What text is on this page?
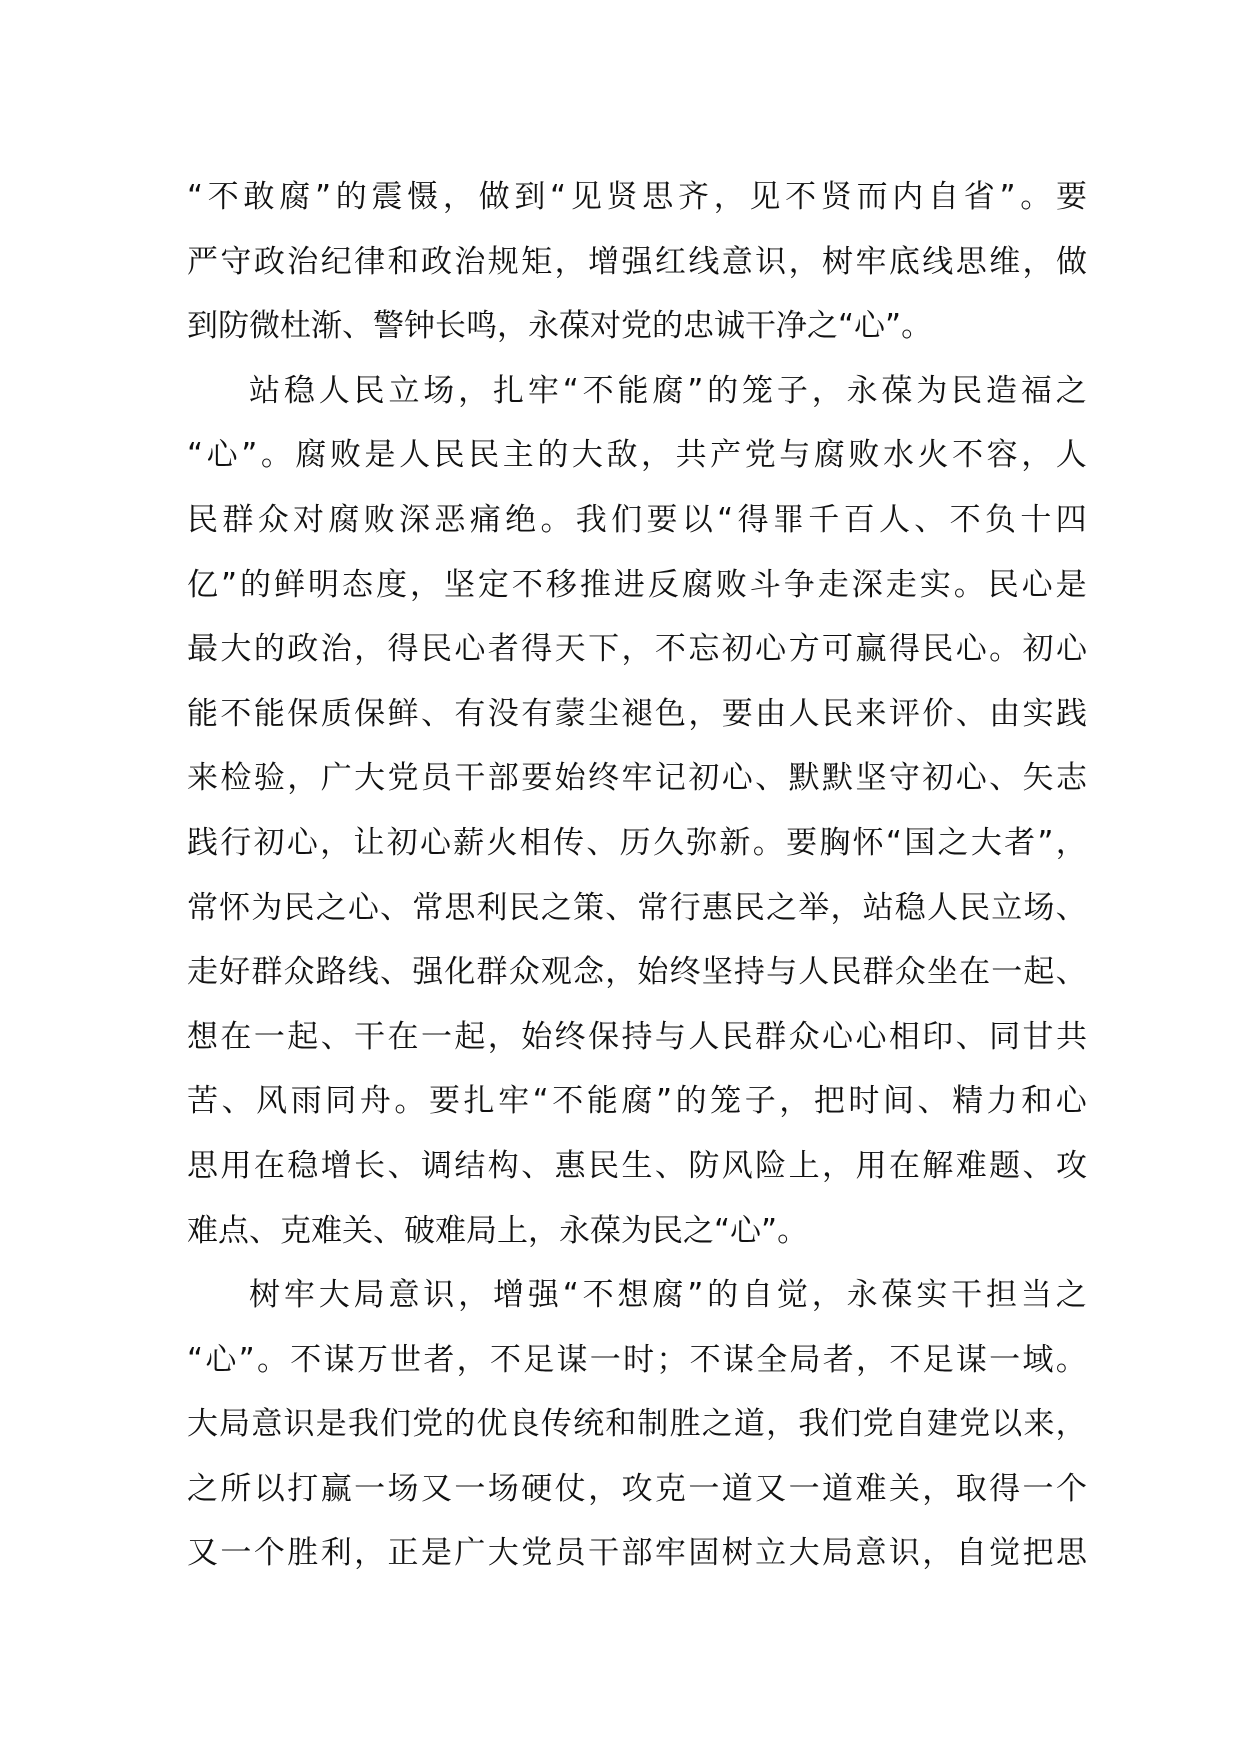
“ 不 敢 腐 ” 的 震 慑 ， 做 到 “ 见 贤 思 齐 ， 见 不 贤 而 内 自 省 ” 。 要
严 守 政 治 纪 律 和 政 治 规 矩 ， 增 强 红 线 意 识 ， 树 牢 底 线 思 维 ， 做
到防微杜渐、警钟长鸣，永葆对党的忠诚干净之“心”。
站 稳 人 民 立 场 ， 扎 牢 “ 不 能 腐 ” 的 笼 子 ， 永 葆 为 民 造 福 之
“ 心 ” 。 腐 败 是 人 民 民 主 的 大 敌 ， 共 产 党 与 腐 败 水 火 不 容 ， 人
民 群 众 对 腐 败 深 恶 痛 绝 。 我 们 要 以 “ 得 罪 千 百 人 、 不 负 十 四
亿 ” 的 鲜 明 态 度 ， 坚 定 不 移 推 进 反 腐 败 斗 争 走 深 走 实 。 民 心 是
最 大 的 政 治 ， 得 民 心 者 得 天 下 ， 不 忘 初 心 方 可 赢 得 民 心 。 初 心
能 不 能 保 质 保 鲜 、 有 没 有 蒙 尘 褪 色 ， 要 由 人 民 来 评 价 、 由 实 践
来 检 验 ， 广 大 党 员 干 部 要 始 终 牢 记 初 心 、 默 默 坚 守 初 心 、 矢 志
践 行 初 心 ， 让 初 心 薪 火 相 传 、 历 久 弥 新 。 要 胸 怀 “ 国 之 大 者 ” ，
常 怀 为 民 之 心 、 常 思 利 民 之 策 、 常 行 惠 民 之 举 ， 站 稳 人 民 立 场 、
走 好 群 众 路 线 、 强 化 群 众 观 念 ， 始 终 坚 持 与 人 民 群 众 坐 在 一 起 、
想 在 一 起 、 干 在 一 起 ， 始 终 保 持 与 人 民 群 众 心 心 相 印 、 同 甘 共
苦 、 风 雨 同 舟 。 要 扎 牢 “ 不 能 腐 ” 的 笼 子 ， 把 时 间 、 精 力 和 心
思 用 在 稳 增 长 、 调 结 构 、 惠 民 生 、 防 风 险 上 ， 用 在 解 难 题 、 攻
难点、克难关、破难局上，永葆为民之“心”。
树 牢 大 局 意 识 ， 增 强 “ 不 想 腐 ” 的 自 觉 ， 永 葆 实 干 担 当 之
“ 心 ” 。 不 谋 万 世 者 ， 不 足 谋 一 时 ； 不 谋 全 局 者 ， 不 足 谋 一 域 。
大 局 意 识 是 我 们 党 的 优 良 传 统 和 制 胜 之 道 ， 我 们 党 自 建 党 以 来 ，
之 所 以 打 赢 一 场 又 一 场 硬 仗 ， 攻 克 一 道 又 一 道 难 关 ， 取 得 一 个
又 一 个 胜 利 ， 正 是 广 大 党 员 干 部 牢 固 树 立 大 局 意 识 ， 自 觉 把 思
